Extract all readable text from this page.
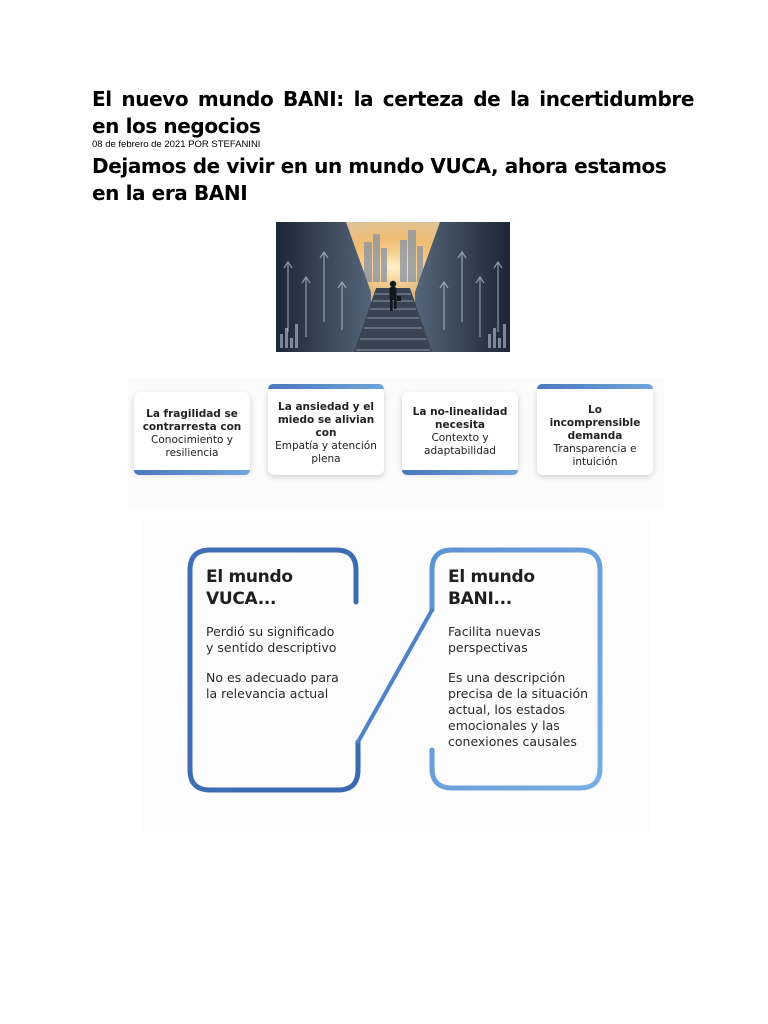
El nuevo mundo BANI: la certeza de la incertidumbre en los negocios

08 de febrero de 2021 POR STEFANINI

Dejamos de vivir en un mundo VUCA, ahora estamos en la era BANI
La fragilidad se contrarresta con
Conocimiento y resiliencia
La ansiedad y el miedo se alivian con
Empatía y atención plena
La no-linealidad necesita
Contexto y adaptabilidad
Lo incomprensible demanda
Transparencia e intuición

El mundo

VUCA...

Perdió su significado y sentido descriptivo

No es adecuado para la relevancia actual

El mundo

BANI...

Facilita nuevas perspectivas

Es una descripción precisa de la situación actual, los estados emocionales y las conexiones causales
